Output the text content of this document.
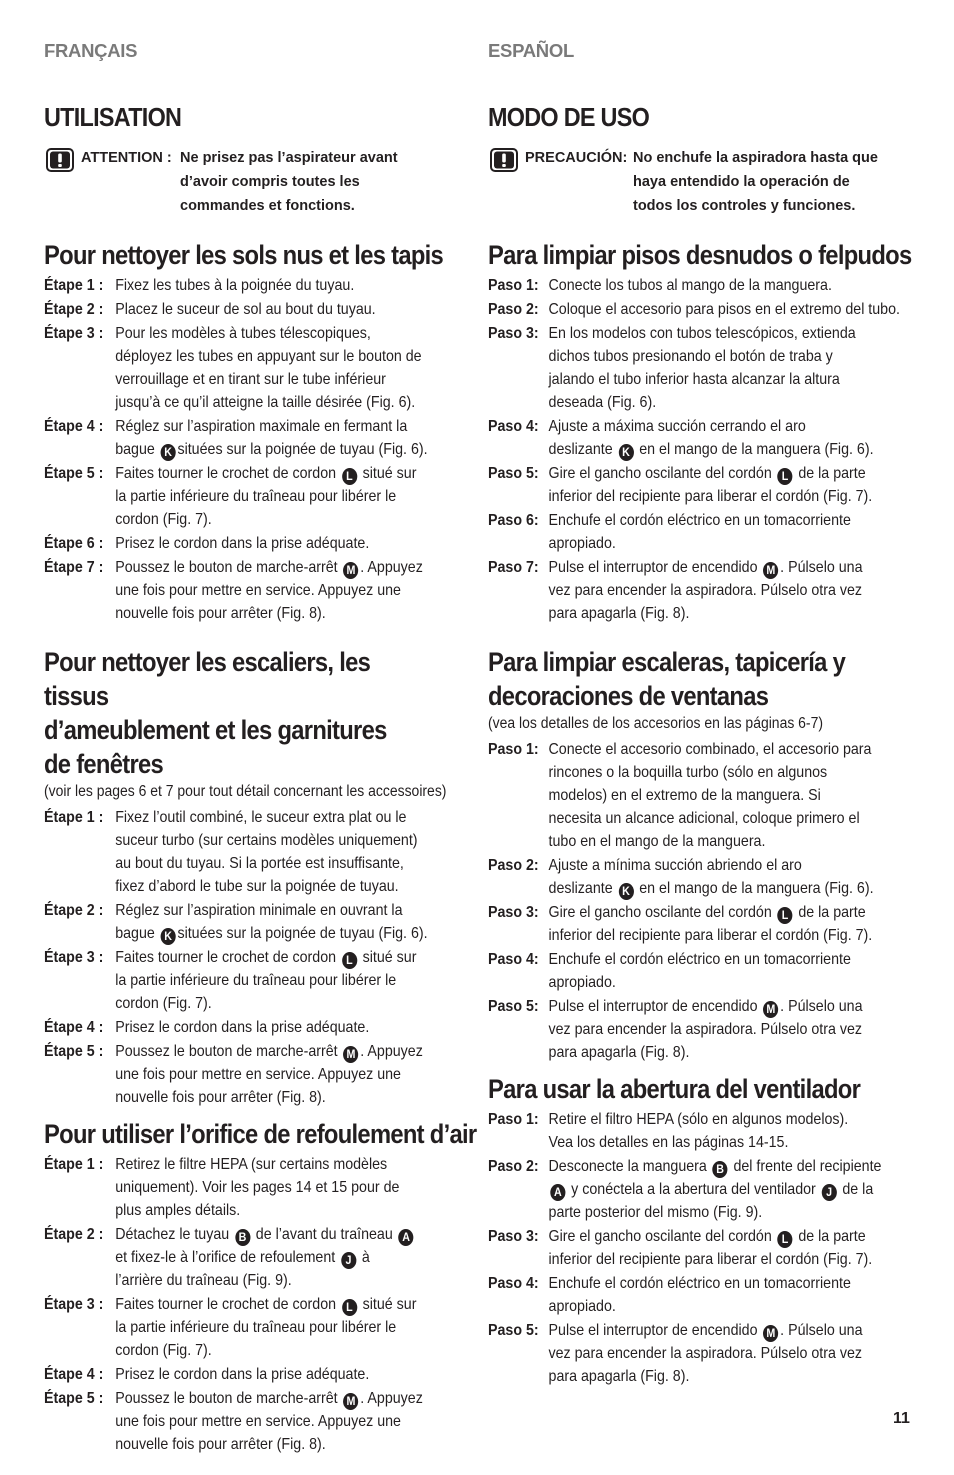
FRANÇAIS
UTILISATION
ATTENTION : Ne prisez pas l’aspirateur avant
d’avoir compris toutes les
commandes et fonctions.
Pour nettoyer les sols nus et les tapis
Étape 1 : Fixez les tubes à la poignée du tuyau.
Étape 2 : Placez le suceur de sol au bout du tuyau.
Étape 3 : Pour les modèles à tubes télescopiques,
déployez les tubes en appuyant sur le bouton de
verrouillage et en tirant sur le tube inférieur
jusqu’à ce qu’il atteigne la taille désirée (Fig. 6).
Étape 4 : Réglez sur l’aspiration maximale en fermant la
bague K situées sur la poignée de tuyau (Fig. 6).
Étape 5 : Faites tourner le crochet de cordon L situé sur
la partie inférieure du traîneau pour libérer le
cordon (Fig. 7).
Étape 6 : Prisez le cordon dans la prise adéquate.
Étape 7 : Poussez le bouton de marche-arrêt M . Appuyez
une fois pour mettre en service. Appuyez une
nouvelle fois pour arrêter (Fig. 8).
Pour nettoyer les escaliers, les tissus
d’ameublement et les garnitures
de fenêtres

(voir les pages 6 et 7 pour tout détail concernant les accessoires)

Étape 1 : Fixez l’outil combiné, le suceur extra plat ou le
suceur turbo (sur certains modèles uniquement)
au bout du tuyau. Si la portée est insuffisante,
fixez d’abord le tube sur la poignée de tuyau.
Étape 2 : Réglez sur l’aspiration minimale en ouvrant la
bague K situées sur la poignée de tuyau (Fig. 6).
Étape 3 : Faites tourner le crochet de cordon L situé sur
la partie inférieure du traîneau pour libérer le
cordon (Fig. 7).
Étape 4 : Prisez le cordon dans la prise adéquate.
Étape 5 : Poussez le bouton de marche-arrêt M . Appuyez
une fois pour mettre en service. Appuyez une
nouvelle fois pour arrêter (Fig. 8).
Pour utiliser l’orifice de refoulement d’air
Étape 1 : Retirez le filtre HEPA (sur certains modèles
uniquement). Voir les pages 14 et 15 pour de
plus amples détails.
Étape 2 : Détachez le tuyau B de l’avant du traîneau A
et fixez-le à l’orifice de refoulement J à
l’arrière du traîneau (Fig. 9).
Étape 3 : Faites tourner le crochet de cordon L situé sur
la partie inférieure du traîneau pour libérer le
cordon (Fig. 7).
Étape 4 : Prisez le cordon dans la prise adéquate.
Étape 5 : Poussez le bouton de marche-arrêt M . Appuyez
une fois pour mettre en service. Appuyez une
nouvelle fois pour arrêter (Fig. 8).
ESPAÑOL
MODO DE USO
PRECAUCIÓN: No enchufe la aspiradora hasta que
haya entendido la operación de
todos los controles y funciones.
Para limpiar pisos desnudos o felpudos
Paso 1: Conecte los tubos al mango de la manguera.
Paso 2: Coloque el accesorio para pisos en el extremo del tubo.
Paso 3: En los modelos con tubos telescópicos, extienda
dichos tubos presionando el botón de traba y
jalando el tubo inferior hasta alcanzar la altura
deseada (Fig. 6).
Paso 4: Ajuste a máxima succión cerrando el aro
deslizante K en el mango de la manguera (Fig. 6).
Paso 5: Gire el gancho oscilante del cordón L de la parte
inferior del recipiente para liberar el cordón (Fig. 7).
Paso 6: Enchufe el cordón eléctrico en un tomacorriente
apropiado.
Paso 7: Pulse el interruptor de encendido M . Púlselo una
vez para encender la aspiradora. Púlselo otra vez
para apagarla (Fig. 8).
Para limpiar escaleras, tapicería y
decoraciones de ventanas

(vea los detalles de los accesorios en las páginas 6-7)

Paso 1: Conecte el accesorio combinado, el accesorio para
rincones o la boquilla turbo (sólo en algunos
modelos) en el extremo de la manguera. Si
necesita un alcance adicional, coloque primero el
tubo en el mango de la manguera.
Paso 2: Ajuste a mínima succión abriendo el aro
deslizante K en el mango de la manguera (Fig. 6).
Paso 3: Gire el gancho oscilante del cordón L de la parte
inferior del recipiente para liberar el cordón (Fig. 7).
Paso 4: Enchufe el cordón eléctrico en un tomacorriente
apropiado.
Paso 5: Pulse el interruptor de encendido M . Púlselo una
vez para encender la aspiradora. Púlselo otra vez
para apagarla (Fig. 8).
Para usar la abertura del ventilador
Paso 1: Retire el filtro HEPA (sólo en algunos modelos).
Vea los detalles en las páginas 14-15.
Paso 2: Desconecte la manguera B del frente del recipiente
A y conéctela a la abertura del ventilador J de la
parte posterior del mismo (Fig. 9).
Paso 3: Gire el gancho oscilante del cordón L de la parte
inferior del recipiente para liberar el cordón (Fig. 7).
Paso 4: Enchufe el cordón eléctrico en un tomacorriente
apropiado.
Paso 5: Pulse el interruptor de encendido M . Púlselo una
vez para encender la aspiradora. Púlselo otra vez
para apagarla (Fig. 8).
11
